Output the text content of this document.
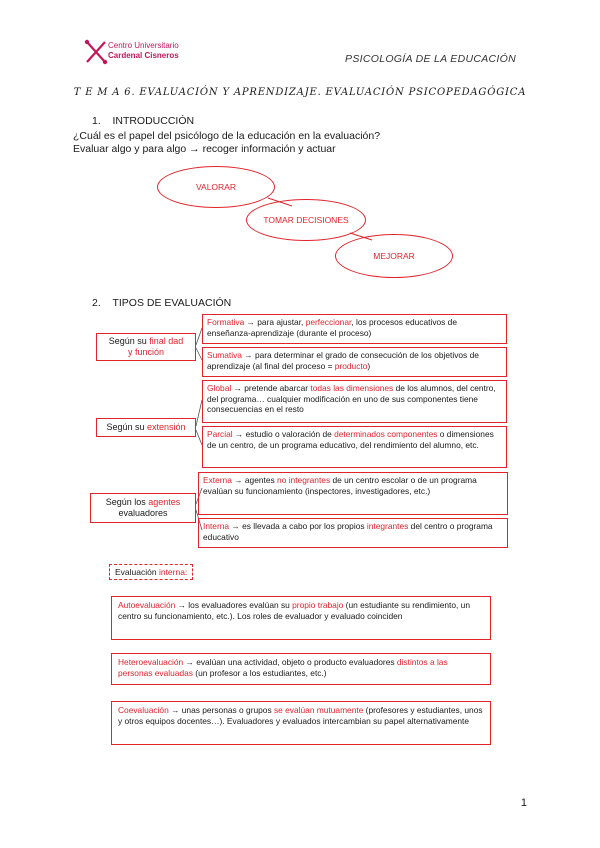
Centro Universitario
Cardenal Cisneros	PSICOLOGÍA DE LA EDUCACIÓN
T E M A 6. EVALUACIÓN Y APRENDIZAJE. EVALUACIÓN PSICOPEDAGÓGICA
1. INTRODUCCIÓN
¿Cuál es el papel del psicólogo de la educación en la evaluación?
Evaluar algo y para algo → recoger información y actuar
VALORAR
TOMAR DECISIONES
MEJORAR
2. TIPOS DE EVALUACIÓN
Según su final dad
y función
Formativa → para ajustar, perfeccionar, los procesos educativos de enseñanza-aprendizaje (durante el proceso)
Sumativa → para determinar el grado de consecución de los objetivos de aprendizaje (al final del proceso = producto)
Según su extensión
Global → pretende abarcar todas las dimensiones de los alumnos, del centro, del programa… cualquier modificación en uno de sus componentes tiene consecuencias en el resto
Parcial → estudio o valoración de determinados componentes o dimensiones de un centro, de un programa educativo, del rendimiento del alumno, etc.
Según los agentes
evaluadores
Externa → agentes no integrantes de un centro escolar o de un programa evalúan su funcionamiento (inspectores, investigadores, etc.)
Interna → es llevada a cabo por los propios integrantes del centro o programa educativo
Evaluación interna:
Autoevaluación → los evaluadores evalúan su propio trabajo (un estudiante su rendimiento, un centro su funcionamiento, etc.). Los roles de evaluador y evaluado coinciden
Heteroevaluación → evalúan una actividad, objeto o producto evaluadores distintos a las personas evaluadas (un profesor a los estudiantes, etc.)
Coevaluación → unas personas o grupos se evalúan mutuamente (profesores y estudiantes, unos y otros equipos docentes…). Evaluadores y evaluados intercambian su papel alternativamente
1
